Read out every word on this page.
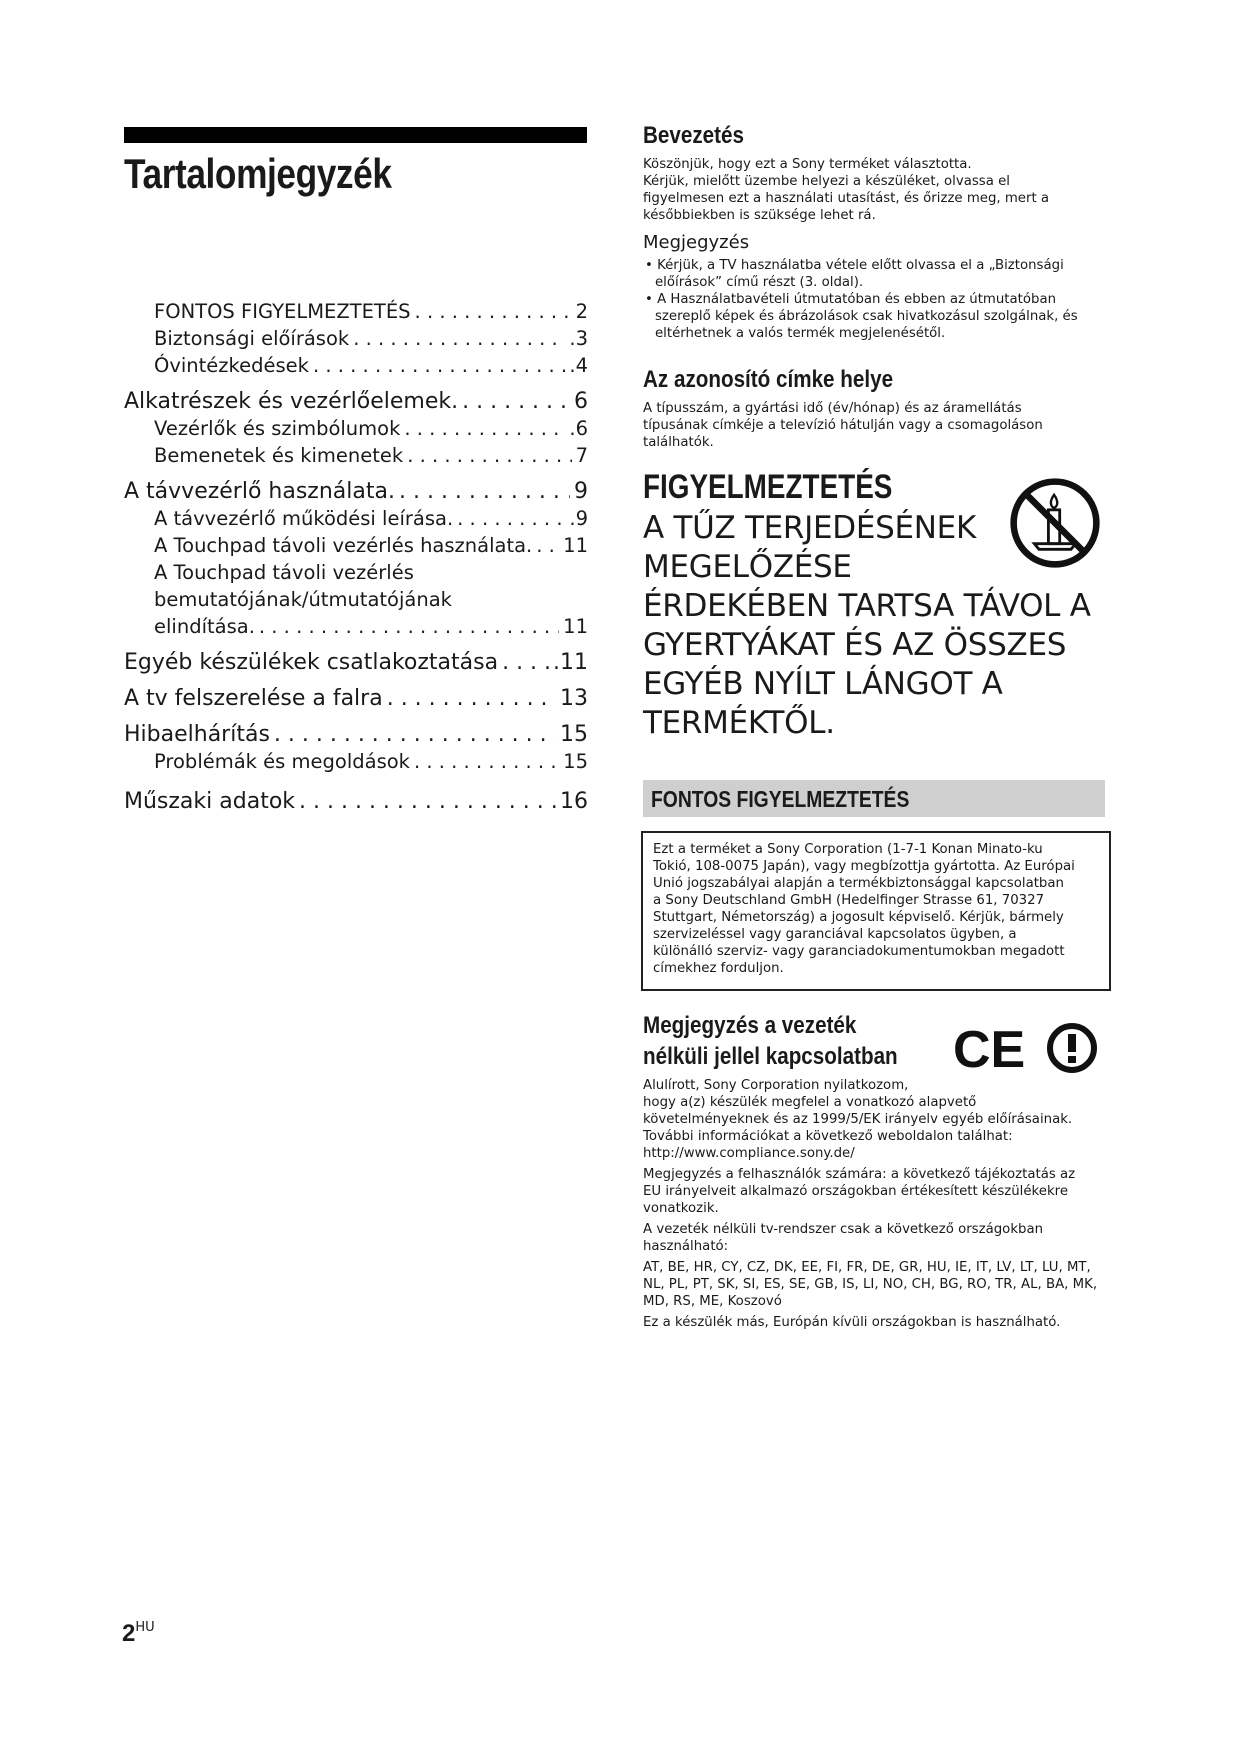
Tartalomjegyzék
FONTOS FIGYELMEZTETÉS . . .	2
Biztonsági előírások . . .	.3
Óvintézkedések . . .	.4
Alkatrészek és vezérlőelemek. . . .	6
Vezérlők és szimbólumok . . .	.6
Bemenetek és kimenetek . . .	7
A távvezérlő használata. . . .	9
A távvezérlő működési leírása. . . .	.9
A Touchpad távoli vezérlés használata. . . . 11
A Touchpad távoli vezérlés
bemutatójának/útmutatójának
elindítása. . . .	11
Egyéb készülékek csatlakoztatása . . . .11
A tv felszerelése a falra . . .	13
Hibaelhárítás . . .	15
Problémák és megoldások . . .	15
Műszaki adatok . . .	16
Bevezetés

Köszönjük, hogy ezt a Sony terméket választotta.

Kérjük, mielőtt üzembe helyezi a készüléket, olvassa el

figyelmesen ezt a használati utasítást, és őrizze meg, mert a

későbbiekben is szüksége lehet rá.

Megjegyzés

• Kérjük, a TV használatba vétele előtt olvassa el a „Biztonsági

előírások” című részt (3. oldal).

• A Használatbavételi útmutatóban és ebben az útmutatóban

szereplő képek és ábrázolások csak hivatkozásul szolgálnak, és

eltérhetnek a valós termék megjelenésétől.

Az azonosító címke helye

A típusszám, a gyártási idő (év/hónap) és az áramellátás

típusának címkéje a televízió hátulján vagy a csomagoláson

találhatók.

FIGYELMEZTETÉS

A TŰZ TERJEDÉSÉNEK

MEGELŐZÉSE

ÉRDEKÉBEN TARTSA TÁVOL A

GYERTYÁKAT ÉS AZ ÖSSZES

EGYÉB NYÍLT LÁNGOT A

TERMÉKTŐL.

FONTOS FIGYELMEZTETÉS

Ezt a terméket a Sony Corporation (1-7-1 Konan Minato-ku

Tokió, 108-0075 Japán), vagy megbízottja gyártotta. Az Európai

Unió jogszabályai alapján a termékbiztonsággal kapcsolatban

a Sony Deutschland GmbH (Hedelfinger Strasse 61, 70327

Stuttgart, Németország) a jogosult képviselő. Kérjük, bármely

szervizeléssel vagy garanciával kapcsolatos ügyben, a

különálló szerviz- vagy garanciadokumentumokban megadott

címekhez forduljon.

Megjegyzés a vezeték
nélküli jellel kapcsolatban

Alulírott, Sony Corporation nyilatkozom,

hogy a(z) készülék megfelel a vonatkozó alapvető

követelményeknek és az 1999/5/EK irányelv egyéb előírásainak.

További információkat a következő weboldalon találhat:

http://www.compliance.sony.de/

Megjegyzés a felhasználók számára: a következő tájékoztatás az

EU irányelveit alkalmazó országokban értékesített készülékekre

vonatkozik.

A vezeték nélküli tv-rendszer csak a következő országokban

használható:

AT, BE, HR, CY, CZ, DK, EE, FI, FR, DE, GR, HU, IE, IT, LV, LT, LU, MT,

NL, PL, PT, SK, SI, ES, SE, GB, IS, LI, NO, CH, BG, RO, TR, AL, BA, MK,

MD, RS, ME, Koszovó

Ez a készülék más, Európán kívüli országokban is használható.

CE
$2^{HU}$
